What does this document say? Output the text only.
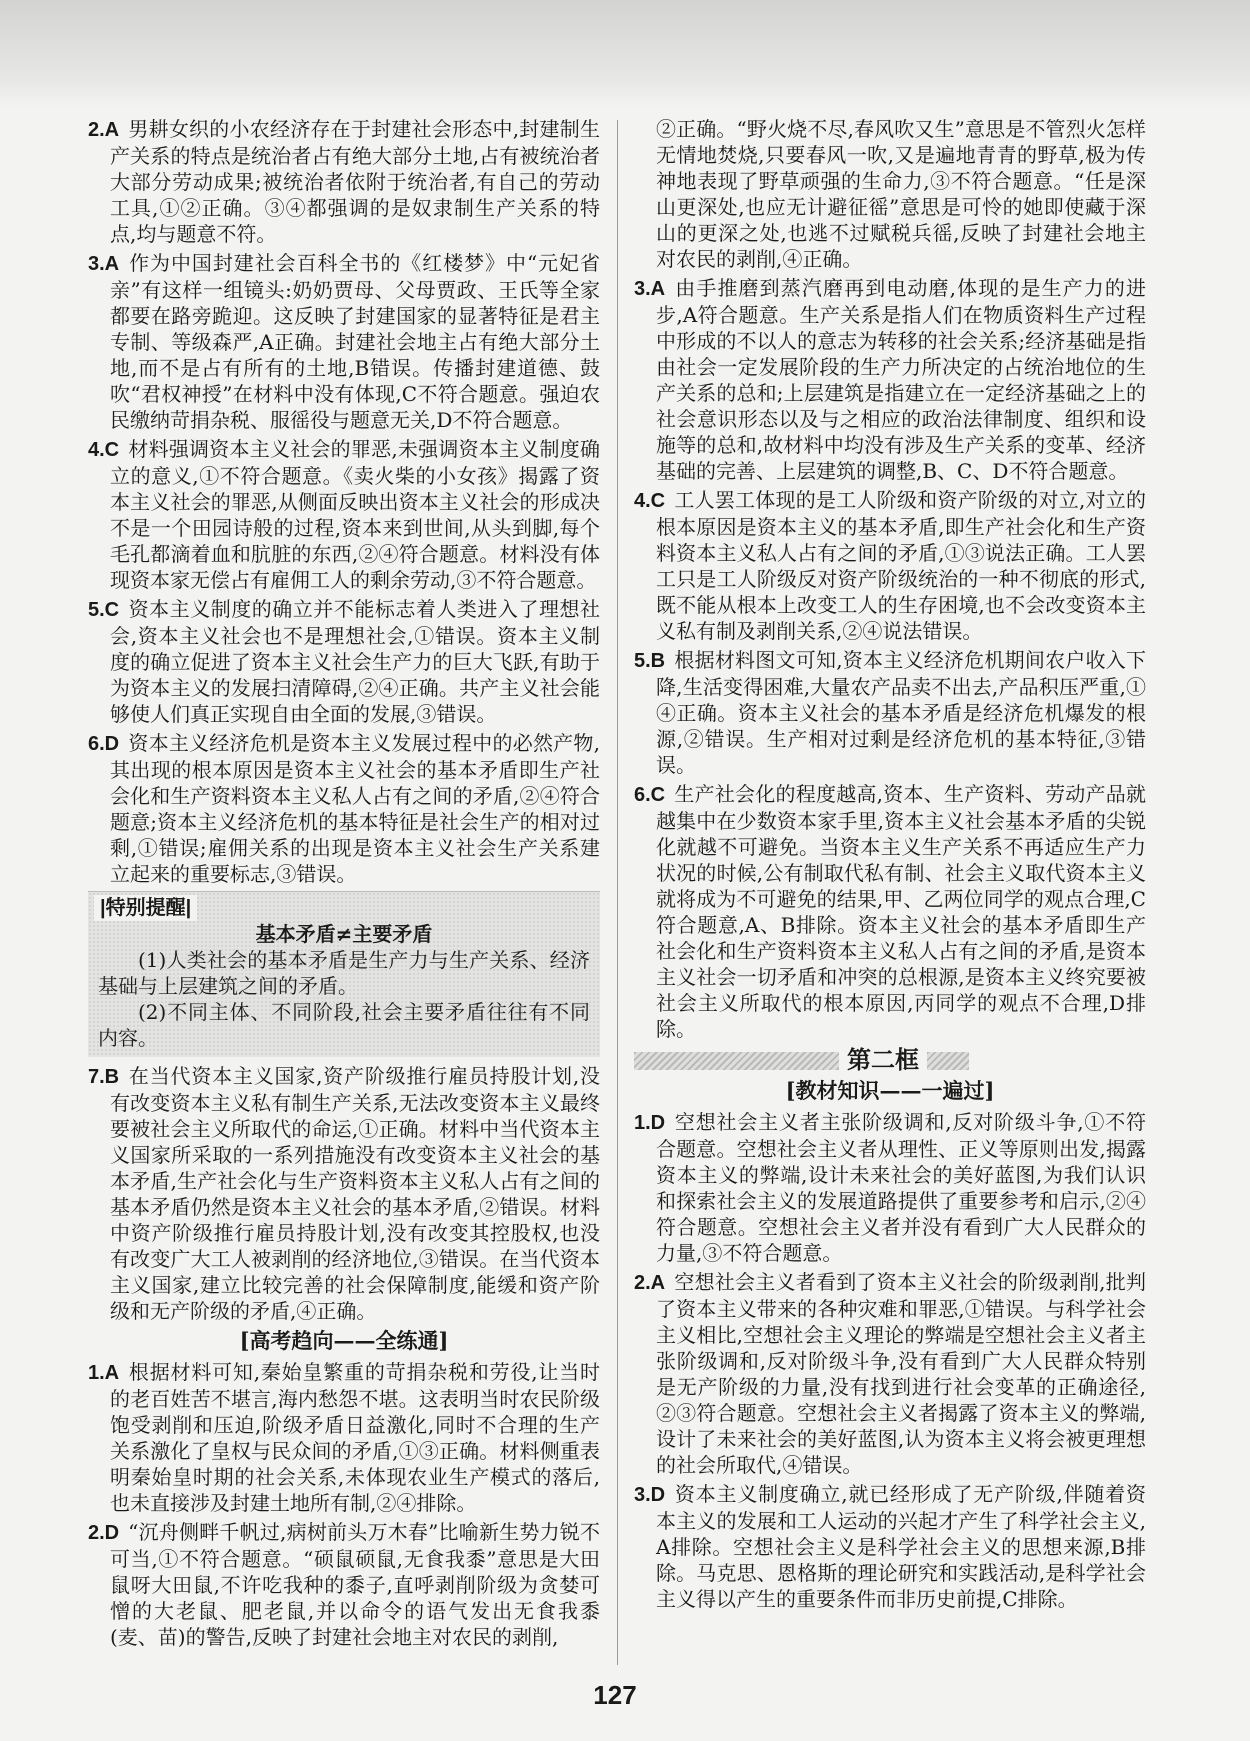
2.A 男耕女织的小农经济存在于封建社会形态中,封建制生产关系的特点是统治者占有绝大部分土地,占有被统治者大部分劳动成果;被统治者依附于统治者,有自己的劳动工具,①②正确。③④都强调的是奴隶制生产关系的特点,均与题意不符。

3.A 作为中国封建社会百科全书的《红楼梦》中“元妃省亲”有这样一组镜头:奶奶贾母、父母贾政、王氏等全家都要在路旁跪迎。这反映了封建国家的显著特征是君主专制、等级森严,A正确。封建社会地主占有绝大部分土地,而不是占有所有的土地,B错误。传播封建道德、鼓吹“君权神授”在材料中没有体现,C不符合题意。强迫农民缴纳苛捐杂税、服徭役与题意无关,D不符合题意。

4.C 材料强调资本主义社会的罪恶,未强调资本主义制度确立的意义,①不符合题意。《卖火柴的小女孩》揭露了资本主义社会的罪恶,从侧面反映出资本主义社会的形成决不是一个田园诗般的过程,资本来到世间,从头到脚,每个毛孔都滴着血和肮脏的东西,②④符合题意。材料没有体现资本家无偿占有雇佣工人的剩余劳动,③不符合题意。

5.C 资本主义制度的确立并不能标志着人类进入了理想社会,资本主义社会也不是理想社会,①错误。资本主义制度的确立促进了资本主义社会生产力的巨大飞跃,有助于为资本主义的发展扫清障碍,②④正确。共产主义社会能够使人们真正实现自由全面的发展,③错误。

6.D 资本主义经济危机是资本主义发展过程中的必然产物,其出现的根本原因是资本主义社会的基本矛盾即生产社会化和生产资料资本主义私人占有之间的矛盾,②④符合题意;资本主义经济危机的基本特征是社会生产的相对过剩,①错误;雇佣关系的出现是资本主义社会生产关系建立起来的重要标志,③错误。

|特别提醒|
基本矛盾≠主要矛盾

(1)人类社会的基本矛盾是生产力与生产关系、经济基础与上层建筑之间的矛盾。

(2)不同主体、不同阶段,社会主要矛盾往往有不同内容。

7.B 在当代资本主义国家,资产阶级推行雇员持股计划,没有改变资本主义私有制生产关系,无法改变资本主义最终要被社会主义所取代的命运,①正确。材料中当代资本主义国家所采取的一系列措施没有改变资本主义社会的基本矛盾,生产社会化与生产资料资本主义私人占有之间的基本矛盾仍然是资本主义社会的基本矛盾,②错误。材料中资产阶级推行雇员持股计划,没有改变其控股权,也没有改变广大工人被剥削的经济地位,③错误。在当代资本主义国家,建立比较完善的社会保障制度,能缓和资产阶级和无产阶级的矛盾,④正确。

[高考趋向——全练通]

1.A 根据材料可知,秦始皇繁重的苛捐杂税和劳役,让当时的老百姓苦不堪言,海内愁怨不堪。这表明当时农民阶级饱受剥削和压迫,阶级矛盾日益激化,同时不合理的生产关系激化了皇权与民众间的矛盾,①③正确。材料侧重表明秦始皇时期的社会关系,未体现农业生产模式的落后,也未直接涉及封建土地所有制,②④排除。

2.D “沉舟侧畔千帆过,病树前头万木春”比喻新生势力锐不可当,①不符合题意。“硕鼠硕鼠,无食我黍”意思是大田鼠呀大田鼠,不许吃我种的黍子,直呼剥削阶级为贪婪可憎的大老鼠、肥老鼠,并以命令的语气发出无食我黍(麦、苗)的警告,反映了封建社会地主对农民的剥削,

②正确。“野火烧不尽,春风吹又生”意思是不管烈火怎样无情地焚烧,只要春风一吹,又是遍地青青的野草,极为传神地表现了野草顽强的生命力,③不符合题意。“任是深山更深处,也应无计避征徭”意思是可怜的她即使藏于深山的更深之处,也逃不过赋税兵徭,反映了封建社会地主对农民的剥削,④正确。

3.A 由手推磨到蒸汽磨再到电动磨,体现的是生产力的进步,A符合题意。生产关系是指人们在物质资料生产过程中形成的不以人的意志为转移的社会关系;经济基础是指由社会一定发展阶段的生产力所决定的占统治地位的生产关系的总和;上层建筑是指建立在一定经济基础之上的社会意识形态以及与之相应的政治法律制度、组织和设施等的总和,故材料中均没有涉及生产关系的变革、经济基础的完善、上层建筑的调整,B、C、D不符合题意。

4.C 工人罢工体现的是工人阶级和资产阶级的对立,对立的根本原因是资本主义的基本矛盾,即生产社会化和生产资料资本主义私人占有之间的矛盾,①③说法正确。工人罢工只是工人阶级反对资产阶级统治的一种不彻底的形式,既不能从根本上改变工人的生存困境,也不会改变资本主义私有制及剥削关系,②④说法错误。

5.B 根据材料图文可知,资本主义经济危机期间农户收入下降,生活变得困难,大量农产品卖不出去,产品积压严重,①④正确。资本主义社会的基本矛盾是经济危机爆发的根源,②错误。生产相对过剩是经济危机的基本特征,③错误。

6.C 生产社会化的程度越高,资本、生产资料、劳动产品就越集中在少数资本家手里,资本主义社会基本矛盾的尖锐化就越不可避免。当资本主义生产关系不再适应生产力状况的时候,公有制取代私有制、社会主义取代资本主义就将成为不可避免的结果,甲、乙两位同学的观点合理,C符合题意,A、B排除。资本主义社会的基本矛盾即生产社会化和生产资料资本主义私人占有之间的矛盾,是资本主义社会一切矛盾和冲突的总根源,是资本主义终究要被社会主义所取代的根本原因,丙同学的观点不合理,D排除。

第二框
[教材知识——一遍过]

1.D 空想社会主义者主张阶级调和,反对阶级斗争,①不符合题意。空想社会主义者从理性、正义等原则出发,揭露资本主义的弊端,设计未来社会的美好蓝图,为我们认识和探索社会主义的发展道路提供了重要参考和启示,②④符合题意。空想社会主义者并没有看到广大人民群众的力量,③不符合题意。

2.A 空想社会主义者看到了资本主义社会的阶级剥削,批判了资本主义带来的各种灾难和罪恶,①错误。与科学社会主义相比,空想社会主义理论的弊端是空想社会主义者主张阶级调和,反对阶级斗争,没有看到广大人民群众特别是无产阶级的力量,没有找到进行社会变革的正确途径,②③符合题意。空想社会主义者揭露了资本主义的弊端,设计了未来社会的美好蓝图,认为资本主义将会被更理想的社会所取代,④错误。

3.D 资本主义制度确立,就已经形成了无产阶级,伴随着资本主义的发展和工人运动的兴起才产生了科学社会主义,A排除。空想社会主义是科学社会主义的思想来源,B排除。马克思、恩格斯的理论研究和实践活动,是科学社会主义得以产生的重要条件而非历史前提,C排除。

127
